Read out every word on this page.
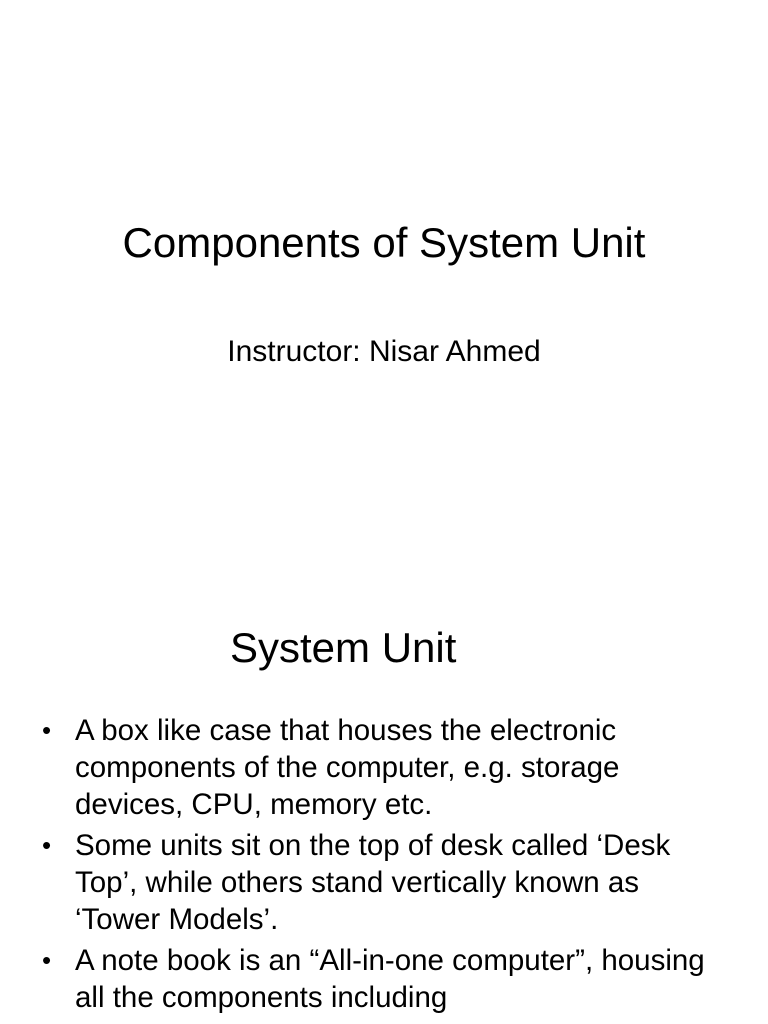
Components of System Unit
Instructor: Nisar Ahmed
System Unit
• A box like case that houses the electronic components of the computer, e.g. storage devices, CPU, memory etc.
• Some units sit on the top of desk called ‘Desk Top’, while others stand vertically known as ‘Tower Models’.
• A note book is an “All-in-one computer”, housing all the components including
